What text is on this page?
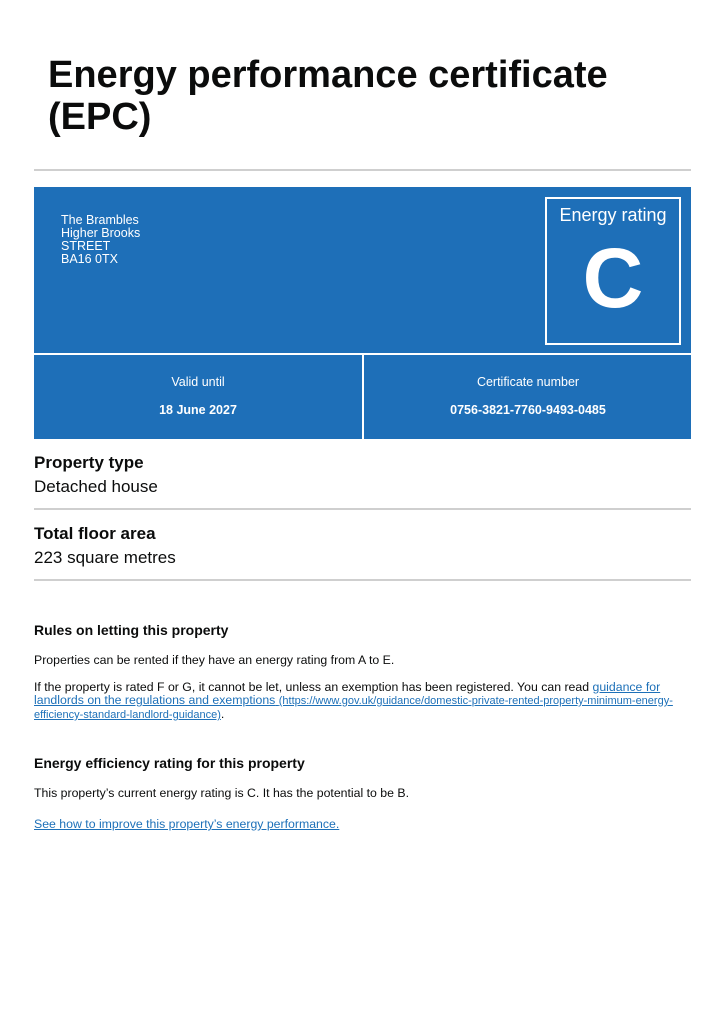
Energy performance certificate (EPC)
The Brambles
Higher Brooks
STREET
BA16 0TX
Energy rating
C
Valid until
18 June 2027
Certificate number
0756-3821-7760-9493-0485
Property type
Detached house
Total floor area
223 square metres
Rules on letting this property

Properties can be rented if they have an energy rating from A to E.

If the property is rated F or G, it cannot be let, unless an exemption has been registered. You can read guidance for landlords on the regulations and exemptions (https://www.gov.uk/guidance/domestic-private-rented-property-minimum-energy-efficiency-standard-landlord-guidance).

Energy efficiency rating for this property

This property’s current energy rating is C. It has the potential to be B.

See how to improve this property’s energy performance.
